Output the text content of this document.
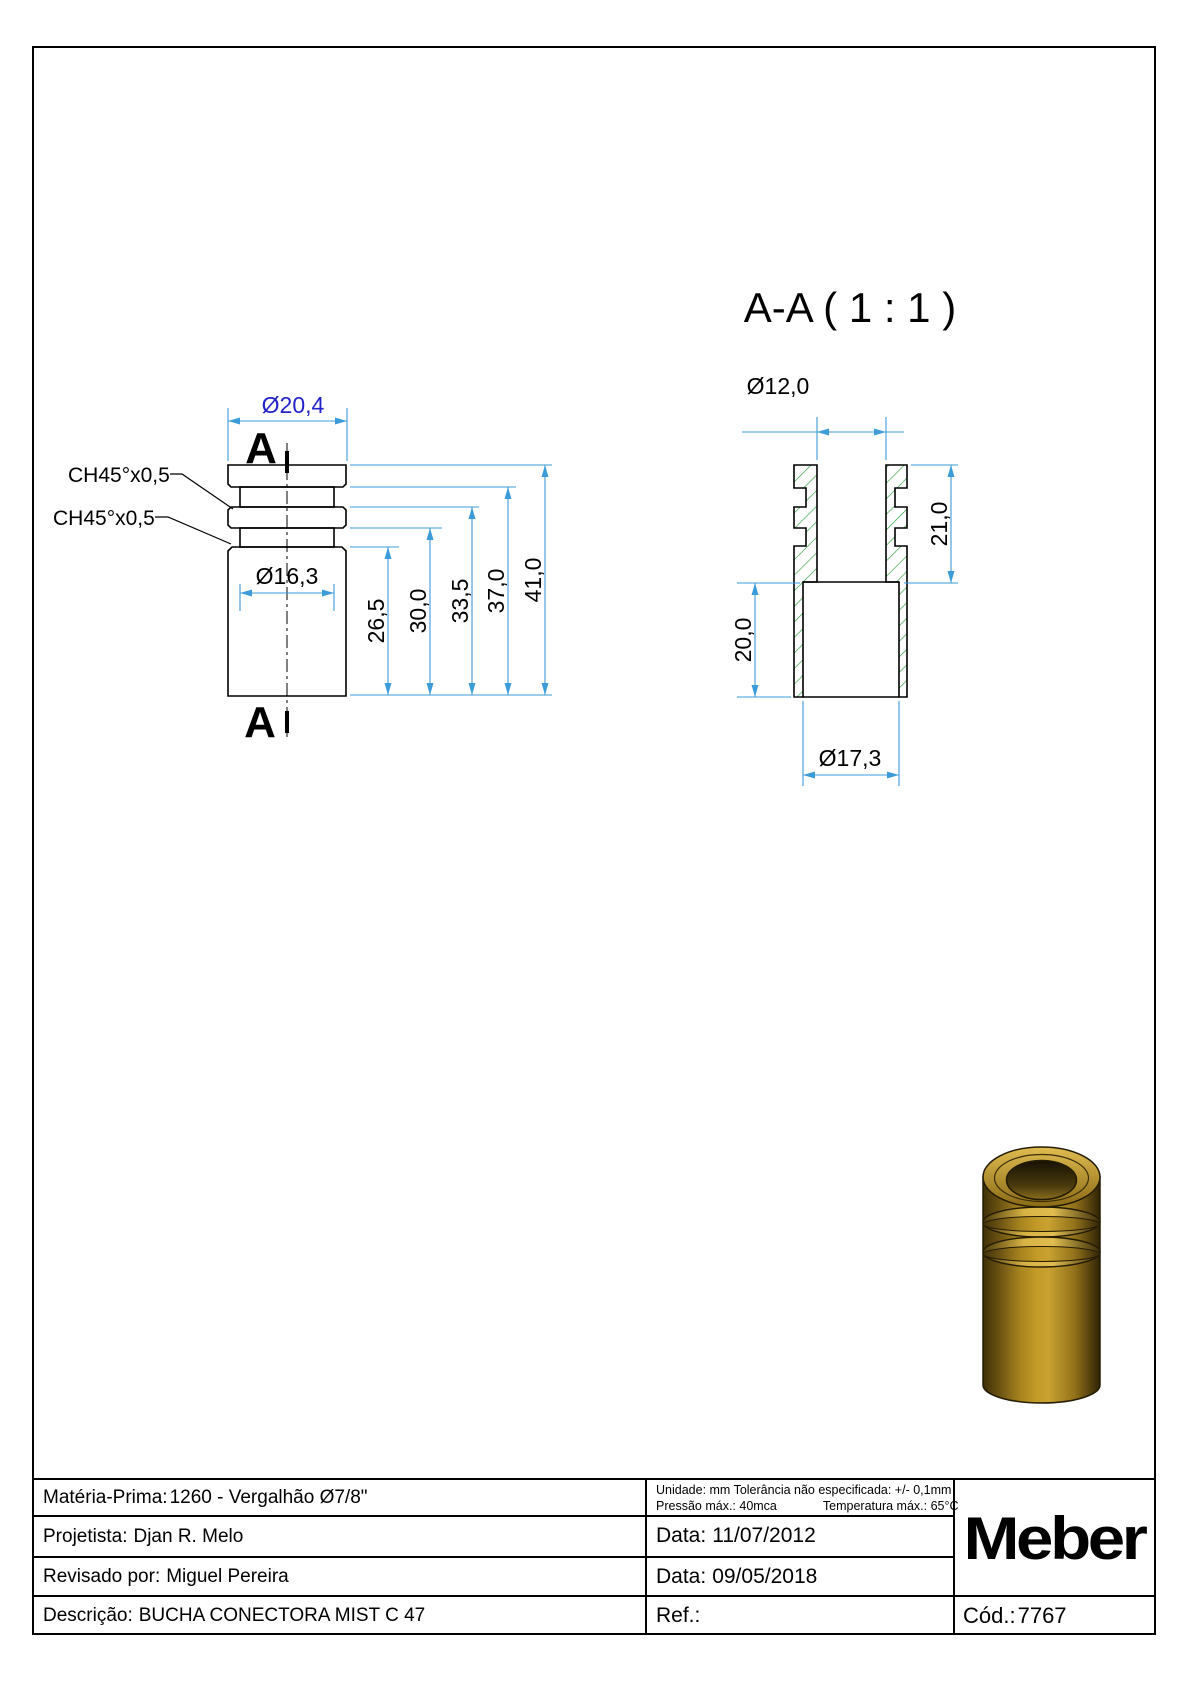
Ø20,4
CH45°x0,5
CH45°x0,5
Ø16,3
26,5 30,0 33,5 37,0 41,0
A
A
A-A ( 1 : 1 )
Ø12,0
21,0
20,0
Ø17,3
Matéria-Prima: 1260 - Vergalhão Ø7/8"
Projetista: Djan R. Melo
Revisado por: Miguel Pereira
Descrição: BUCHA CONECTORA MIST C 47
Unidade: mm Tolerância não especificada: +/- 0,1mm
Pressão máx.: 40mca	Temperatura máx.: 65°C
Data: 11/07/2012
Data: 09/05/2018
Ref.:
Meber
Cód.: 7767
